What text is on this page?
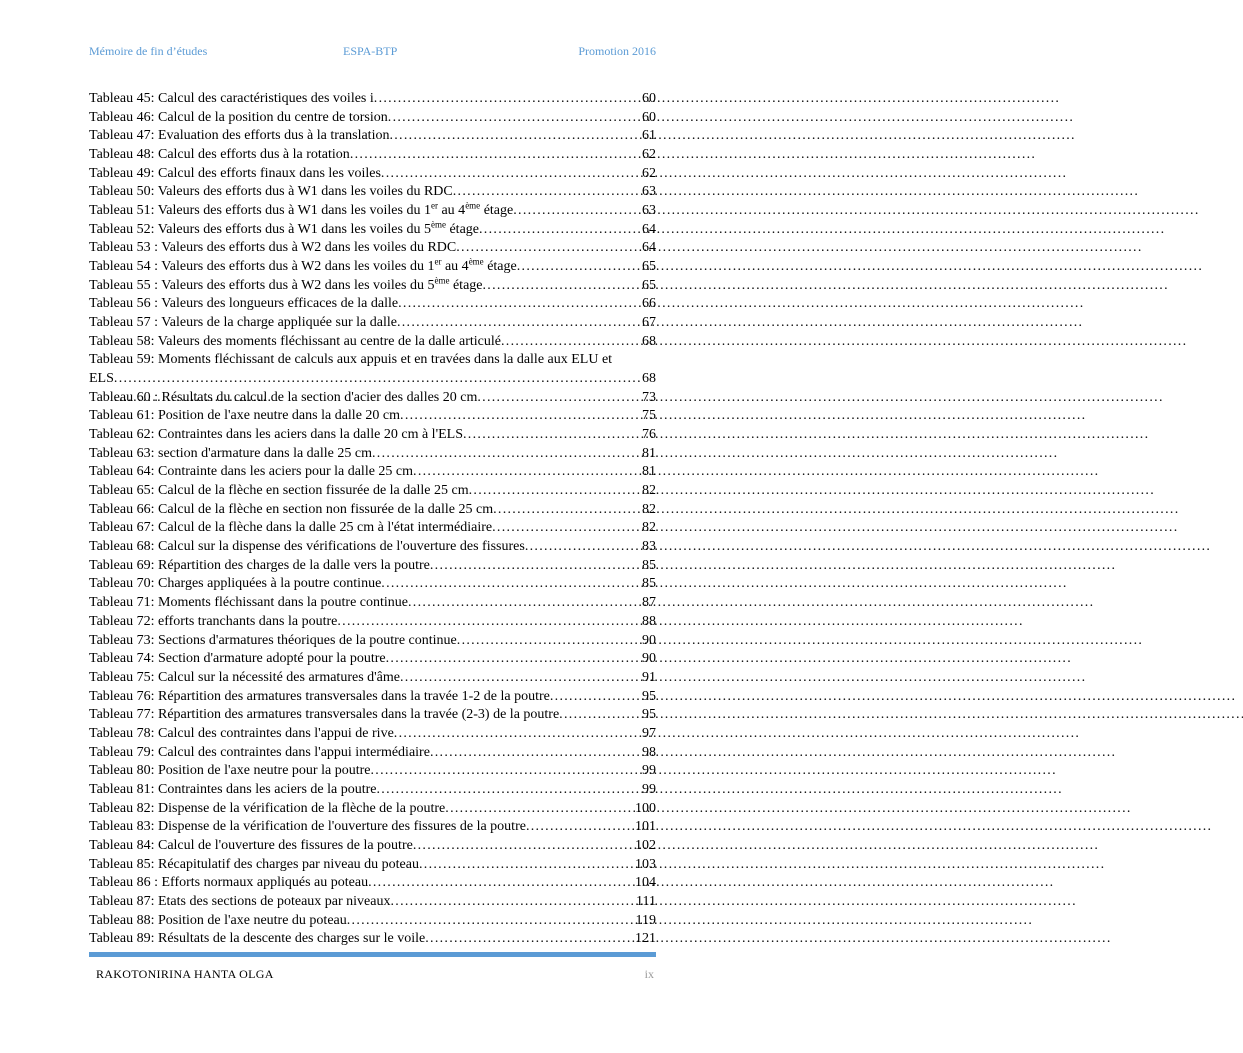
Mémoire de fin d’études	ESPA-BTP	Promotion 2016
Tableau 45: Calcul des caractéristiques des voiles i . . .	60
Tableau 46: Calcul de la position du centre de torsion . . .	60
Tableau 47: Evaluation des efforts dus à la translation . . .	61
Tableau 48: Calcul des efforts dus à la rotation . . .	62
Tableau 49: Calcul des efforts finaux dans les voiles . . .	62
Tableau 50: Valeurs des efforts dus à W1 dans les voiles du RDC . . .	63
Tableau 51: Valeurs des efforts dus à W1 dans les voiles du 1er au 4ème étage . . .	63
Tableau 52: Valeurs des efforts dus à W1 dans les voiles du 5ème étage . . .	64
Tableau 53 : Valeurs des efforts dus à W2 dans les voiles du RDC . . .	64
Tableau 54 : Valeurs des efforts dus à W2 dans les voiles du 1er au 4ème étage . . .	65
Tableau 55 : Valeurs des efforts dus à W2 dans les voiles du 5ème étage . . .	65
Tableau 56 : Valeurs des longueurs efficaces de la dalle . . .	66
Tableau 57 : Valeurs de la charge appliquée sur la dalle . . .	67
Tableau 58: Valeurs des moments fléchissant au centre de la dalle articulé . . .	68
Tableau 59: Moments fléchissant de calculs aux appuis et en travées dans la dalle aux ELU et
ELS . . .	68
Tableau 60 : Résultats du calcul de la section d'acier des dalles 20 cm . . .	73
Tableau 61: Position de l'axe neutre dans la dalle 20 cm . . .	75
Tableau 62: Contraintes dans les aciers dans la dalle 20 cm à l'ELS . . .	76
Tableau 63: section d'armature dans la dalle 25 cm . . .	81
Tableau 64: Contrainte dans les aciers pour la dalle 25 cm . . .	81
Tableau 65: Calcul de la flèche en section fissurée de la dalle 25 cm . . .	82
Tableau 66: Calcul de la flèche en section non fissurée de la dalle 25 cm . . .	82
Tableau 67: Calcul de la flèche dans la dalle 25 cm à l'état intermédiaire . . .	82
Tableau 68: Calcul sur la dispense des vérifications de l'ouverture des fissures . . .	83
Tableau 69: Répartition des charges de la dalle vers la poutre . . .	85
Tableau 70: Charges appliquées à la poutre continue . . .	85
Tableau 71: Moments fléchissant dans la poutre continue . . .	87
Tableau 72: efforts tranchants dans la poutre . . .	88
Tableau 73: Sections d'armatures théoriques de la poutre continue . . .	90
Tableau 74: Section d'armature adopté pour la poutre . . .	90
Tableau 75: Calcul sur la nécessité des armatures d'âme . . .	91
Tableau 76: Répartition des armatures transversales dans la travée 1-2 de la poutre . . .	95
Tableau 77: Répartition des armatures transversales dans la travée (2-3) de la poutre . . .	95
Tableau 78: Calcul des contraintes dans l'appui de rive . . .	97
Tableau 79: Calcul des contraintes dans l'appui intermédiaire . . .	98
Tableau 80: Position de l'axe neutre pour la poutre . . .	99
Tableau 81: Contraintes dans les aciers de la poutre . . .	99
Tableau 82: Dispense de la vérification de la flèche de la poutre . . .	100
Tableau 83: Dispense de la vérification de l'ouverture des fissures de la poutre . . .	101
Tableau 84: Calcul de l'ouverture des fissures de la poutre . . .	102
Tableau 85: Récapitulatif des charges par niveau du poteau . . .	103
Tableau 86 : Efforts normaux appliqués au poteau . . .	104
Tableau 87: Etats des sections de poteaux par niveaux . . .	111
Tableau 88: Position de l'axe neutre du poteau . . .	119
Tableau 89: Résultats de la descente des charges sur le voile . . .	121
RAKOTONIRINA HANTA OLGA	ix
